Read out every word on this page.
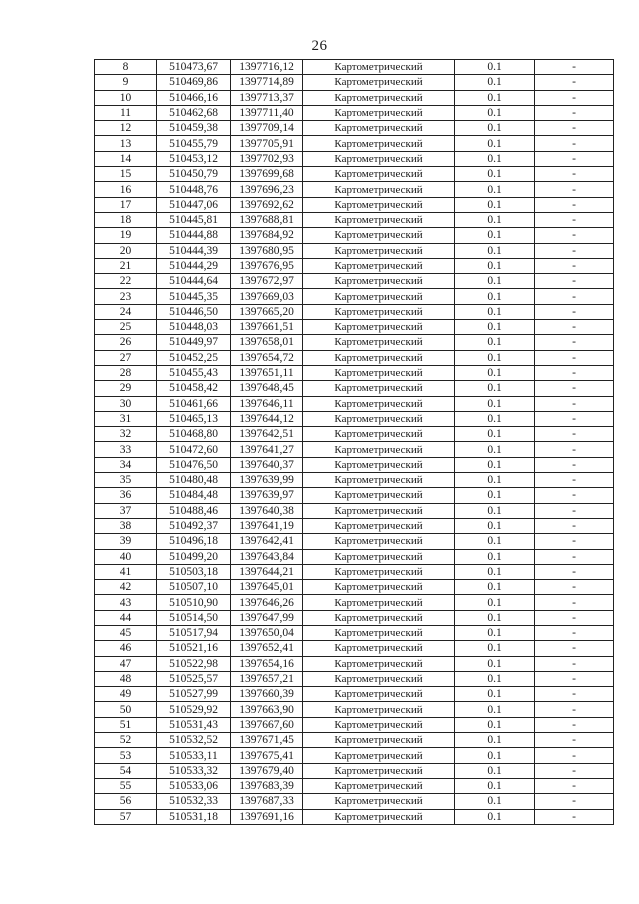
26
8	510473,67	1397716,12	Картометрический	0.1	-
9	510469,86	1397714,89	Картометрический	0.1	-
10	510466,16	1397713,37	Картометрический	0.1	-
11	510462,68	1397711,40	Картометрический	0.1	-
12	510459,38	1397709,14	Картометрический	0.1	-
13	510455,79	1397705,91	Картометрический	0.1	-
14	510453,12	1397702,93	Картометрический	0.1	-
15	510450,79	1397699,68	Картометрический	0.1	-
16	510448,76	1397696,23	Картометрический	0.1	-
17	510447,06	1397692,62	Картометрический	0.1	-
18	510445,81	1397688,81	Картометрический	0.1	-
19	510444,88	1397684,92	Картометрический	0.1	-
20	510444,39	1397680,95	Картометрический	0.1	-
21	510444,29	1397676,95	Картометрический	0.1	-
22	510444,64	1397672,97	Картометрический	0.1	-
23	510445,35	1397669,03	Картометрический	0.1	-
24	510446,50	1397665,20	Картометрический	0.1	-
25	510448,03	1397661,51	Картометрический	0.1	-
26	510449,97	1397658,01	Картометрический	0.1	-
27	510452,25	1397654,72	Картометрический	0.1	-
28	510455,43	1397651,11	Картометрический	0.1	-
29	510458,42	1397648,45	Картометрический	0.1	-
30	510461,66	1397646,11	Картометрический	0.1	-
31	510465,13	1397644,12	Картометрический	0.1	-
32	510468,80	1397642,51	Картометрический	0.1	-
33	510472,60	1397641,27	Картометрический	0.1	-
34	510476,50	1397640,37	Картометрический	0.1	-
35	510480,48	1397639,99	Картометрический	0.1	-
36	510484,48	1397639,97	Картометрический	0.1	-
37	510488,46	1397640,38	Картометрический	0.1	-
38	510492,37	1397641,19	Картометрический	0.1	-
39	510496,18	1397642,41	Картометрический	0.1	-
40	510499,20	1397643,84	Картометрический	0.1	-
41	510503,18	1397644,21	Картометрический	0.1	-
42	510507,10	1397645,01	Картометрический	0.1	-
43	510510,90	1397646,26	Картометрический	0.1	-
44	510514,50	1397647,99	Картометрический	0.1	-
45	510517,94	1397650,04	Картометрический	0.1	-
46	510521,16	1397652,41	Картометрический	0.1	-
47	510522,98	1397654,16	Картометрический	0.1	-
48	510525,57	1397657,21	Картометрический	0.1	-
49	510527,99	1397660,39	Картометрический	0.1	-
50	510529,92	1397663,90	Картометрический	0.1	-
51	510531,43	1397667,60	Картометрический	0.1	-
52	510532,52	1397671,45	Картометрический	0.1	-
53	510533,11	1397675,41	Картометрический	0.1	-
54	510533,32	1397679,40	Картометрический	0.1	-
55	510533,06	1397683,39	Картометрический	0.1	-
56	510532,33	1397687,33	Картометрический	0.1	-
57	510531,18	1397691,16	Картометрический	0.1	-
